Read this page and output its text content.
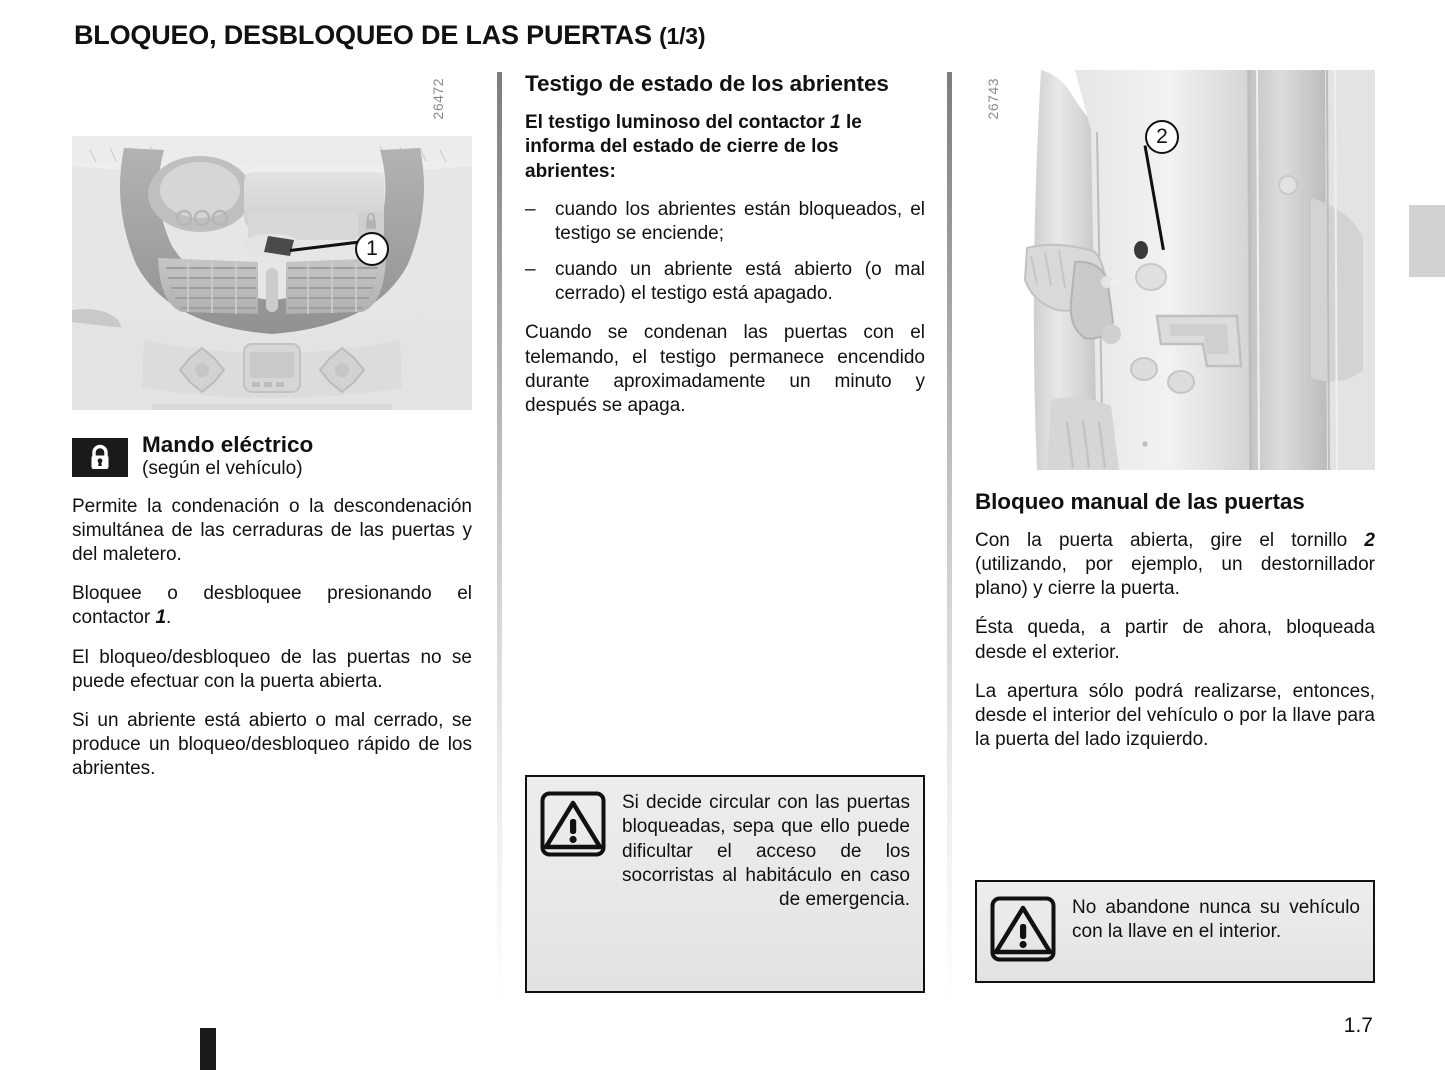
BLOQUEO, DESBLOQUEO DE LAS PUERTAS (1/3)
26472
1
Mando eléctrico
(según el vehículo)

Permite la condenación o la descondenación simultánea de las cerraduras de las puertas y del maletero.

Bloquee o desbloquee presionando el contactor 1.

El bloqueo/desbloqueo de las puertas no se puede efectuar con la puerta abierta.

Si un abriente está abierto o mal cerrado, se produce un bloqueo/desbloqueo rápido de los abrientes.

Testigo de estado de los abrientes

El testigo luminoso del contactor 1 le informa del estado de cierre de los abrientes:

– cuando los abrientes están bloqueados, el testigo se enciende;
– cuando un abriente está abierto (o mal cerrado) el testigo está apagado.

Cuando se condenan las puertas con el telemando, el testigo permanece encendido durante aproximadamente un minuto y después se apaga.

Si decide circular con las puertas bloqueadas, sepa que ello puede dificultar el acceso de los socorristas al habitáculo en caso de emergencia.
26743
2
Bloqueo manual de las puertas

Con la puerta abierta, gire el tornillo 2 (utilizando, por ejemplo, un destornillador plano) y cierre la puerta.

Ésta queda, a partir de ahora, bloqueada desde el exterior.

La apertura sólo podrá realizarse, entonces, desde el interior del vehículo o por la llave para la puerta del lado izquierdo.

No abandone nunca su vehículo con la llave en el interior.
1.7
